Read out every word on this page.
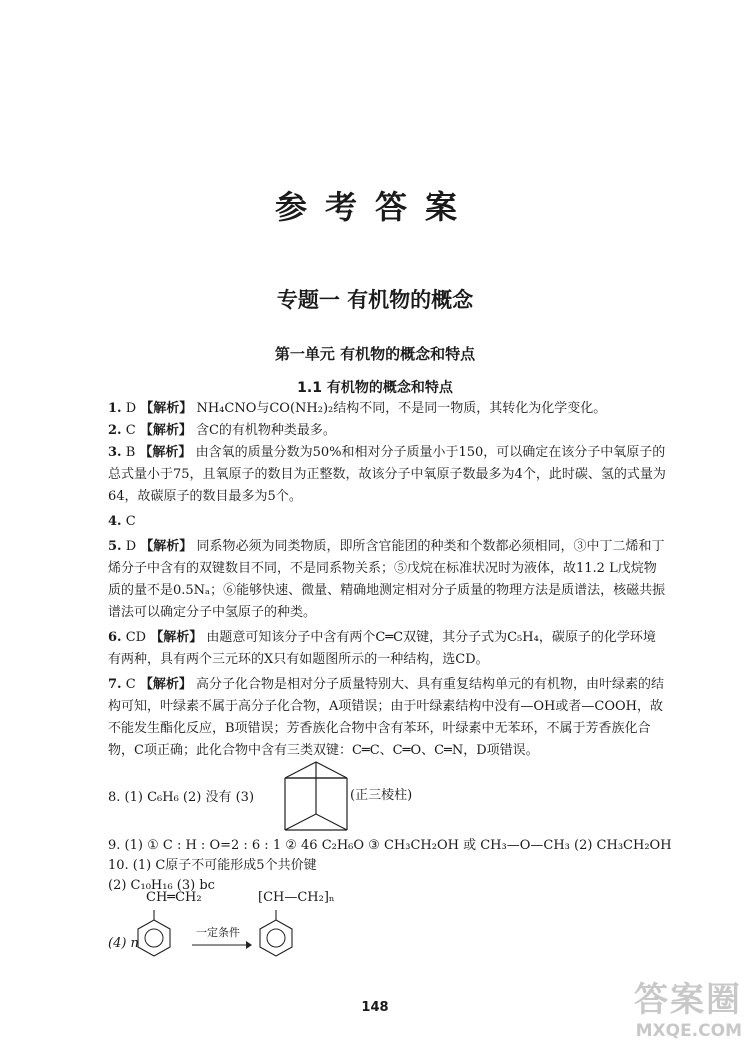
参考答案
专题一 有机物的概念
第一单元 有机物的概念和特点
1.1 有机物的概念和特点
1. D 【解析】 NH₄CNO与CO(NH₂)₂结构不同，不是同一物质，其转化为化学变化。
2. C 【解析】 含C的有机物种类最多。
3. B 【解析】 由含氧的质量分数为50%和相对分子质量小于150，可以确定在该分子中氧原子的总式量小于75，且氧原子的数目为正整数，故该分子中氧原子数最多为4个，此时碳、氢的式量为64，故碳原子的数目最多为5个。
4. C
5. D 【解析】 同系物必须为同类物质，即所含官能团的种类和个数都必须相同，③中丁二烯和丁烯分子中含有的双键数目不同，不是同系物关系；⑤戊烷在标准状况时为液体，故11.2 L戊烷物质的量不是0.5Nₐ；⑥能够快速、微量、精确地测定相对分子质量的物理方法是质谱法，核磁共振谱法可以确定分子中氢原子的种类。
6. CD 【解析】 由题意可知该分子中含有两个C═C双键，其分子式为C₅H₄，碳原子的化学环境有两种，具有两个三元环的X只有如题图所示的一种结构，选CD。
7. C 【解析】 高分子化合物是相对分子质量特别大、具有重复结构单元的有机物，由叶绿素的结构可知，叶绿素不属于高分子化合物，A项错误；由于叶绿素结构中没有—OH或者—COOH，故不能发生酯化反应，B项错误；芳香族化合物中含有苯环，叶绿素中无苯环，不属于芳香族化合物，C项正确；此化合物中含有三类双键：C═C、C═O、C═N，D项错误。
8. (1) C₆H₆ (2) 没有 (3)	(正三棱柱)
9. (1) ① C : H : O=2 : 6 : 1 ② 46 C₂H₆O ③ CH₃CH₂OH 或 CH₃—O—CH₃ (2) CH₃CH₂OH
10. (1) C原子不可能形成5个共价键
(2) C₁₀H₁₆ (3) bc
(4) n
CH═CH₂
一定条件
[CH—CH₂]ₙ
148	答案圈
MXQE.COM
